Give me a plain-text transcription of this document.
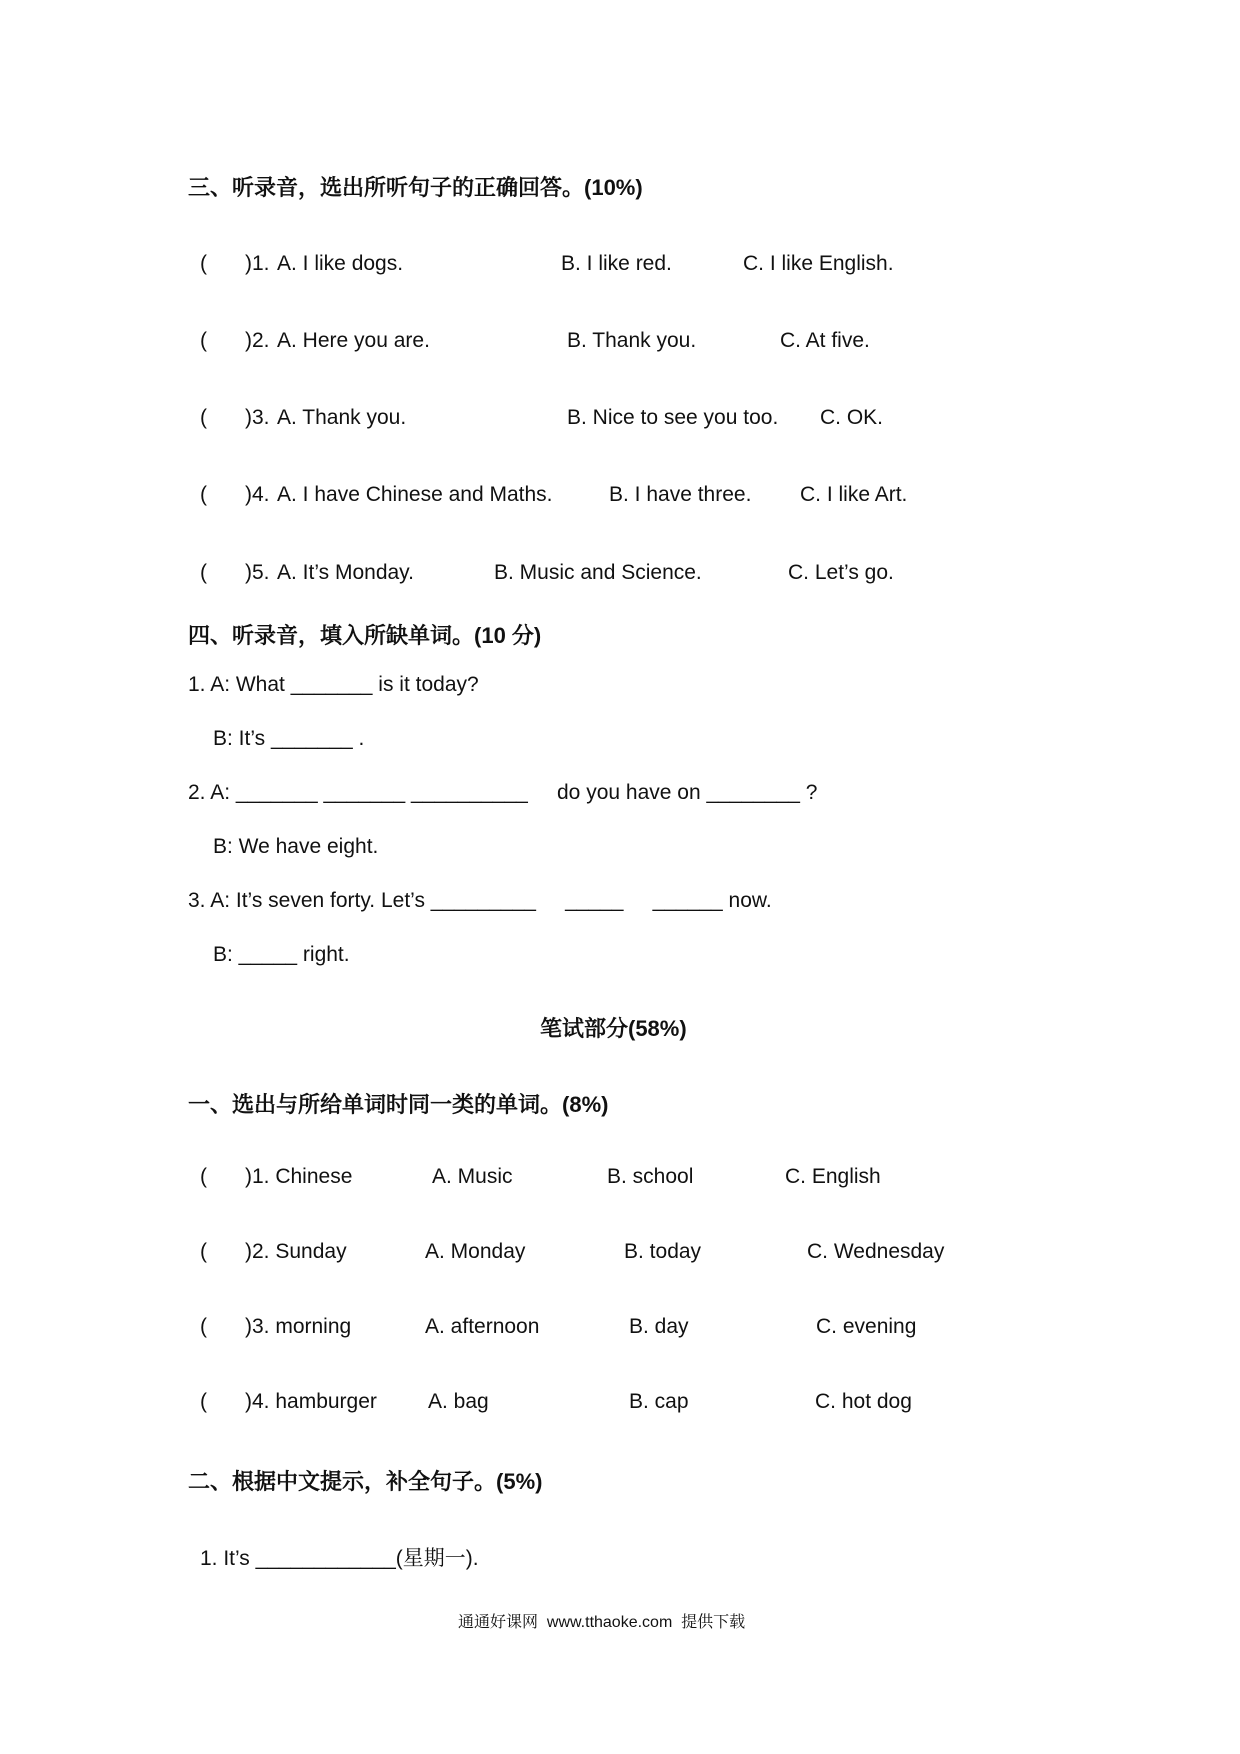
三、听录音，选出所听句子的正确回答。(10%)
( )1. A. I like dogs.	B. I like red.	C. I like English.
( )2. A. Here you are.	B. Thank you.	C. At five.
( )3. A. Thank you.	B. Nice to see you too. C. OK.
( )4. A. I have Chinese and Maths.	B. I have three. C. I like Art.
( )5. A. It’s Monday.	B. Music and Science.	C. Let’s go.
四、听录音，填入所缺单词。(10 分)
1. A: What _______ is it today?
B: It’s _______ .
2. A: _______ _______ __________     do you have on ________ ?
B: We have eight.
3. A: It’s seven forty. Let’s _________     _____     ______ now.
B: _____ right.
笔试部分(58%)
一、选出与所给单词时同一类的单词。(8%)
( )1. Chinese	A. Music	B. school	C. English
( )2. Sunday	A. Monday	B. today	C. Wednesday
( )3. morning	A. afternoon	B. day	C. evening
( )4. hamburger A. bag	B. cap	C. hot dog
二、根据中文提示，补全句子。(5%)
1. It’s ____________(星期一).
通通好课网  www.tthaoke.com  提供下载
